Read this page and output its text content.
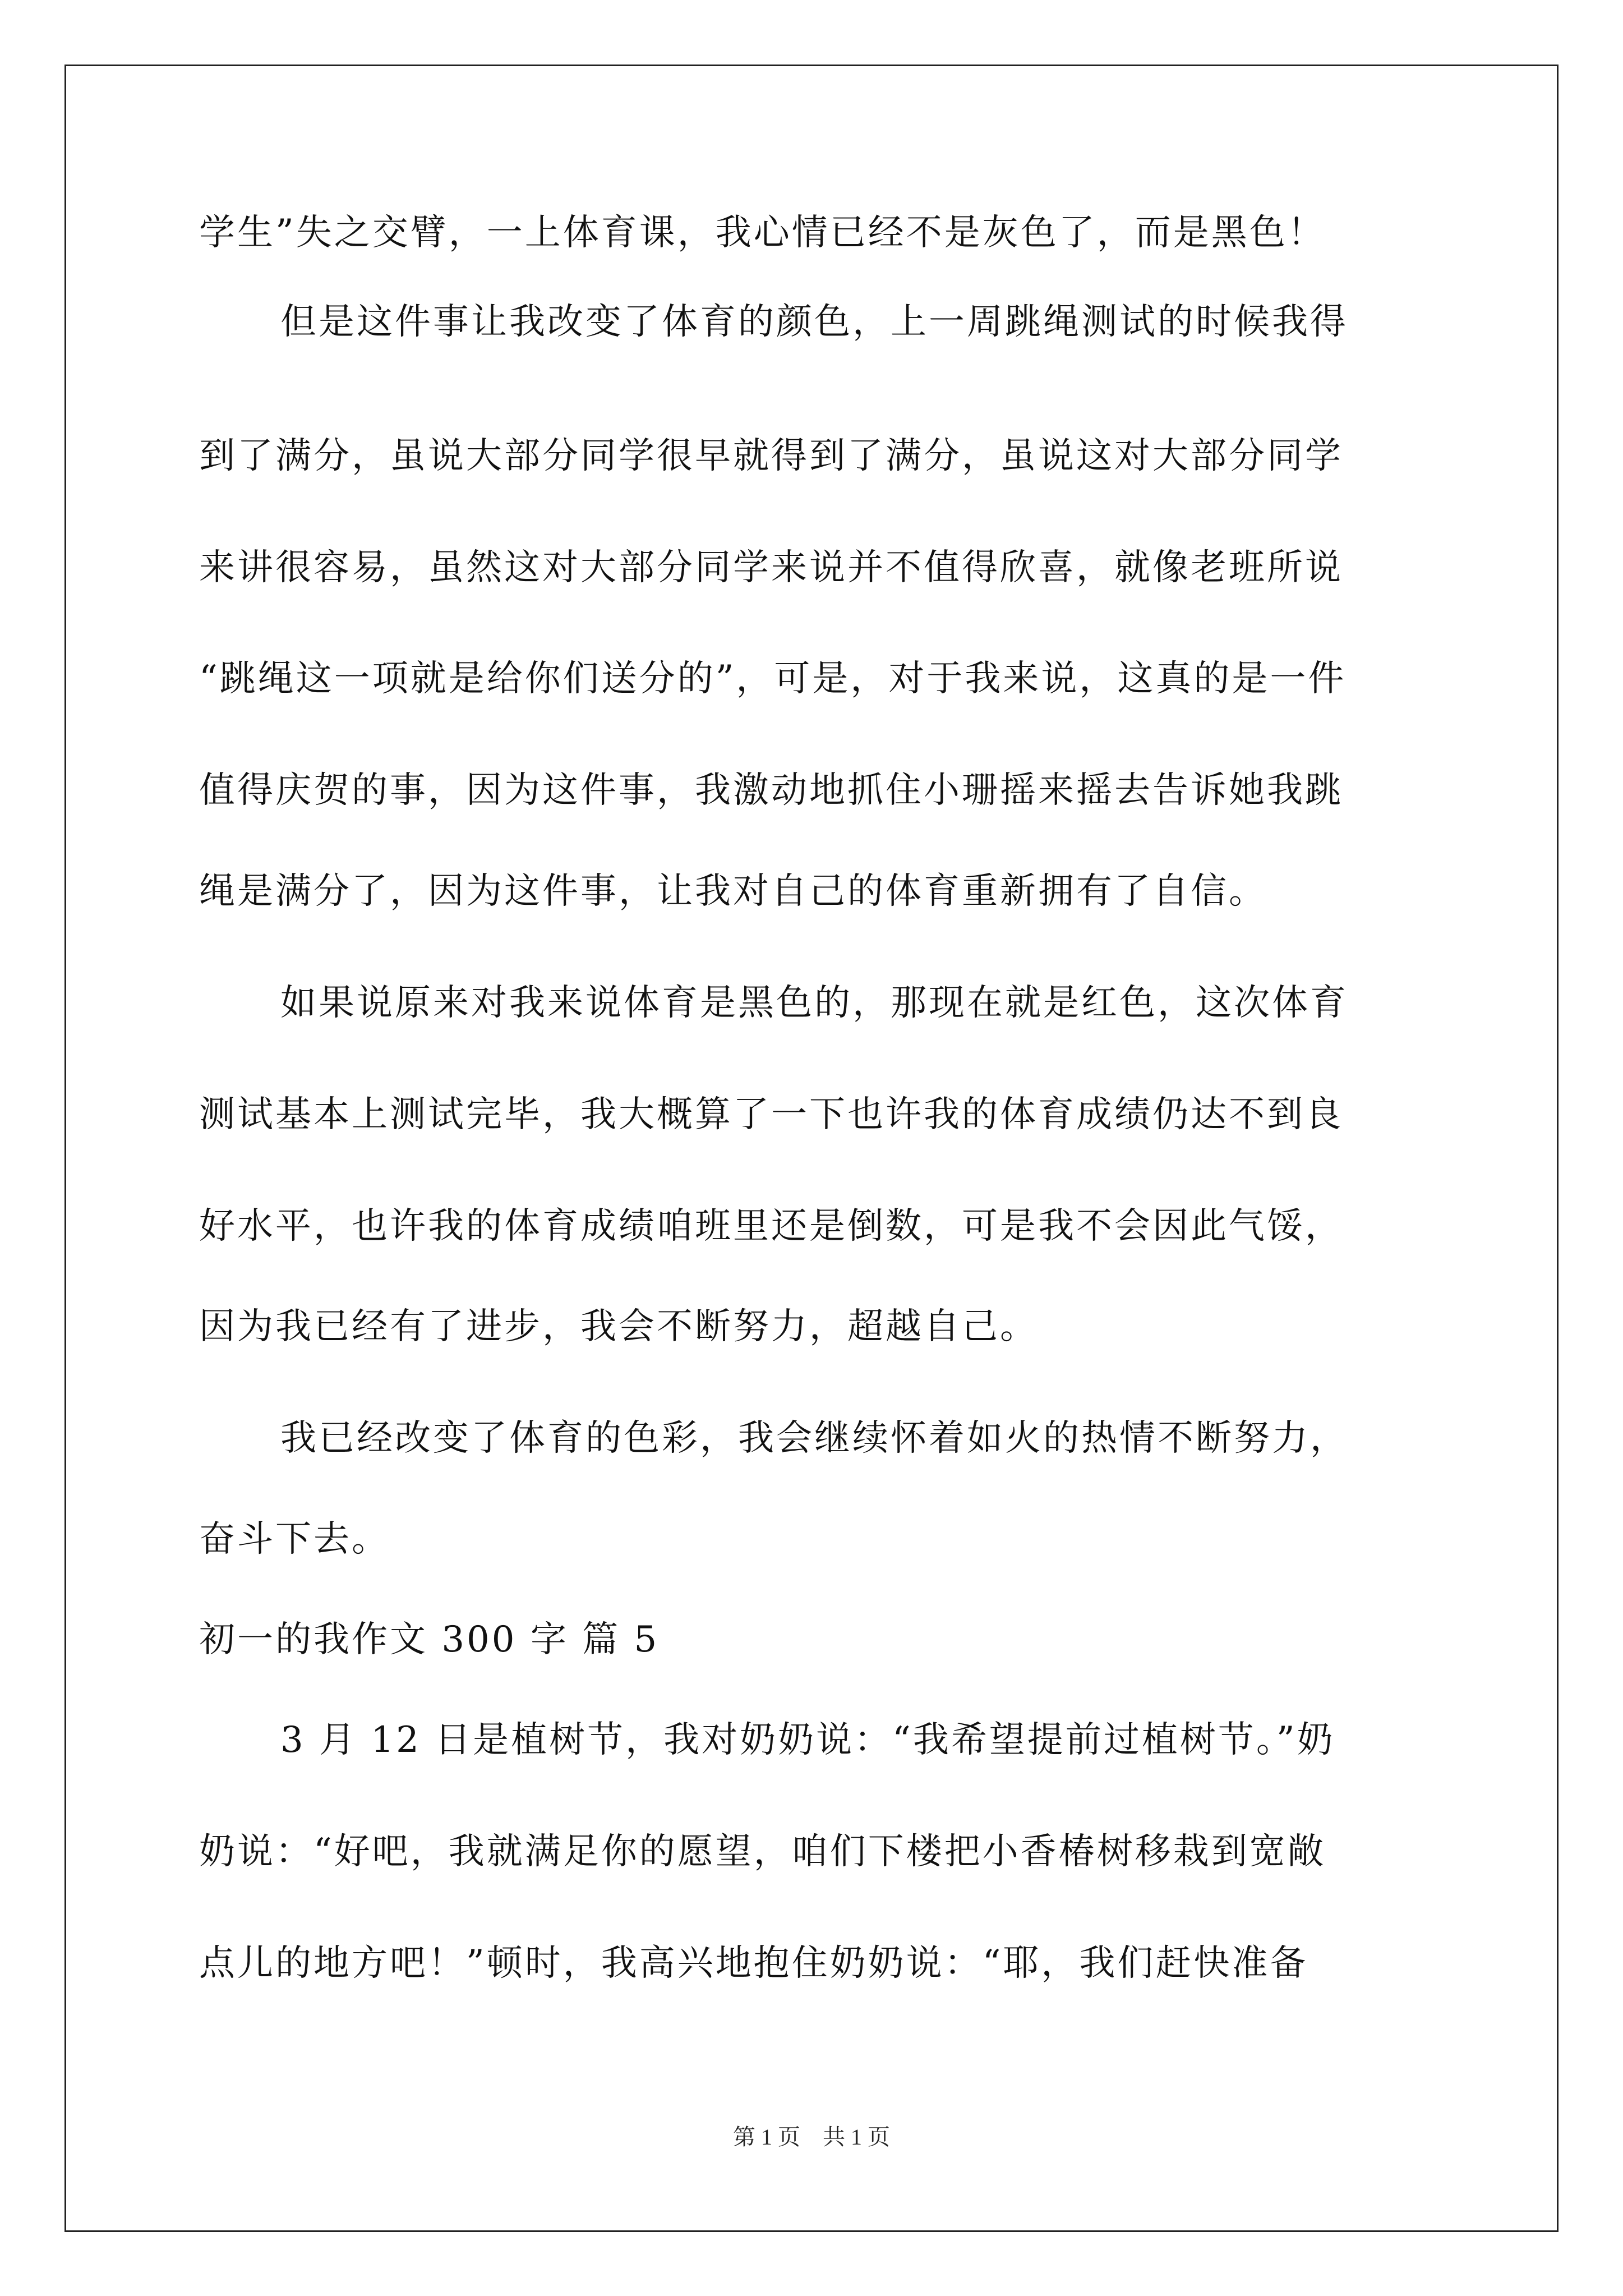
学生”失之交臂，一上体育课，我心情已经不是灰色了，而是黑色！
但是这件事让我改变了体育的颜色，上一周跳绳测试的时候我得
到了满分，虽说大部分同学很早就得到了满分，虽说这对大部分同学
来讲很容易，虽然这对大部分同学来说并不值得欣喜，就像老班所说
“跳绳这一项就是给你们送分的”，可是，对于我来说，这真的是一件
值得庆贺的事，因为这件事，我激动地抓住小珊摇来摇去告诉她我跳
绳是满分了，因为这件事，让我对自己的体育重新拥有了自信。
如果说原来对我来说体育是黑色的，那现在就是红色，这次体育
测试基本上测试完毕，我大概算了一下也许我的体育成绩仍达不到良
好水平，也许我的体育成绩咱班里还是倒数，可是我不会因此气馁，
因为我已经有了进步，我会不断努力，超越自己。
我已经改变了体育的色彩，我会继续怀着如火的热情不断努力，
奋斗下去。
初一的我作文 300 字 篇 5
3 月 12 日是植树节，我对奶奶说：“我希望提前过植树节。”奶
奶说：“好吧，我就满足你的愿望，咱们下楼把小香椿树移栽到宽敞
点儿的地方吧！”顿时，我高兴地抱住奶奶说：“耶，我们赶快准备
第 1 页 共 1 页
